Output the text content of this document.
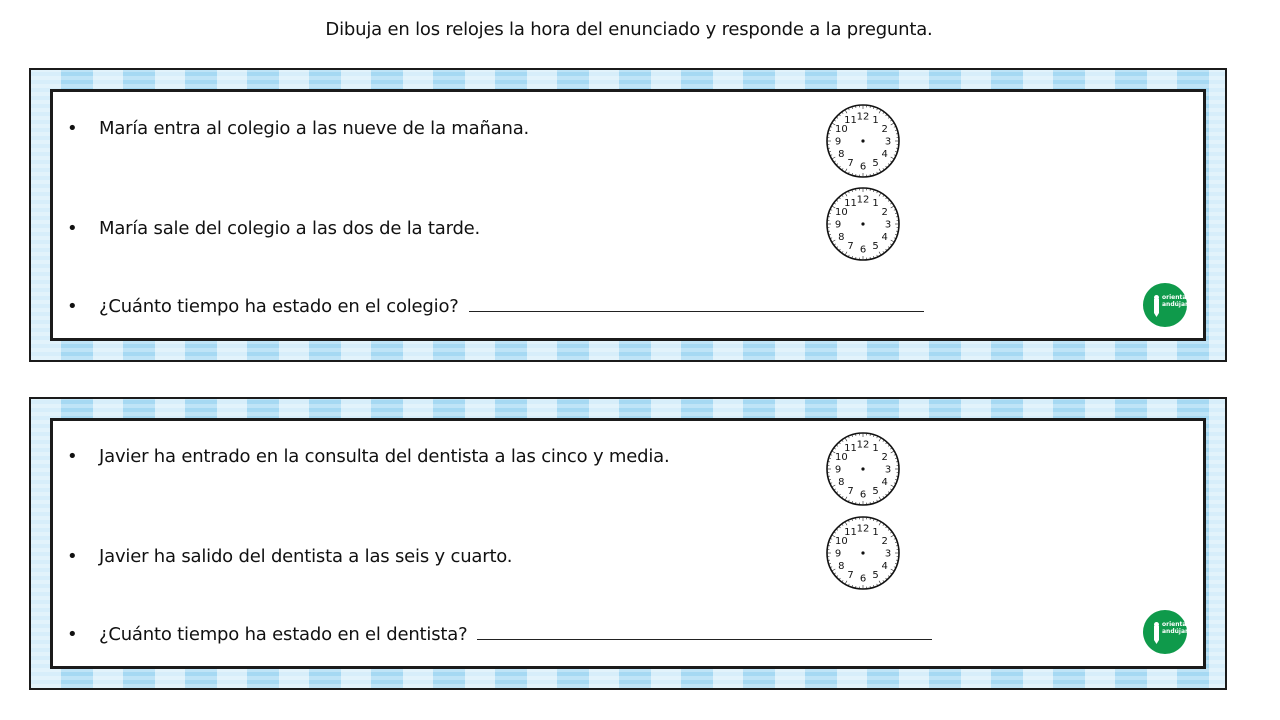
Dibuja en los relojes la hora del enunciado y responde a la pregunta.
• María entra al colegio a las nueve de la mañana.
• María sale del colegio a las dos de la tarde.
• ¿Cuánto tiempo ha estado en el colegio?
12 1
2
3
4
5
6
7
8
9
10
11
12 1
2
3
4
5
6
7
8
9
10
11
orientación andújar
• Javier ha entrado en la consulta del dentista a las cinco y media.
• Javier ha salido del dentista a las seis y cuarto.
• ¿Cuánto tiempo ha estado en el dentista?
12 1
2
3
4
5
6
7
8
9
10
11
12 1
2
3
4
5
6
7
8
9
10
11
orientación andújar
